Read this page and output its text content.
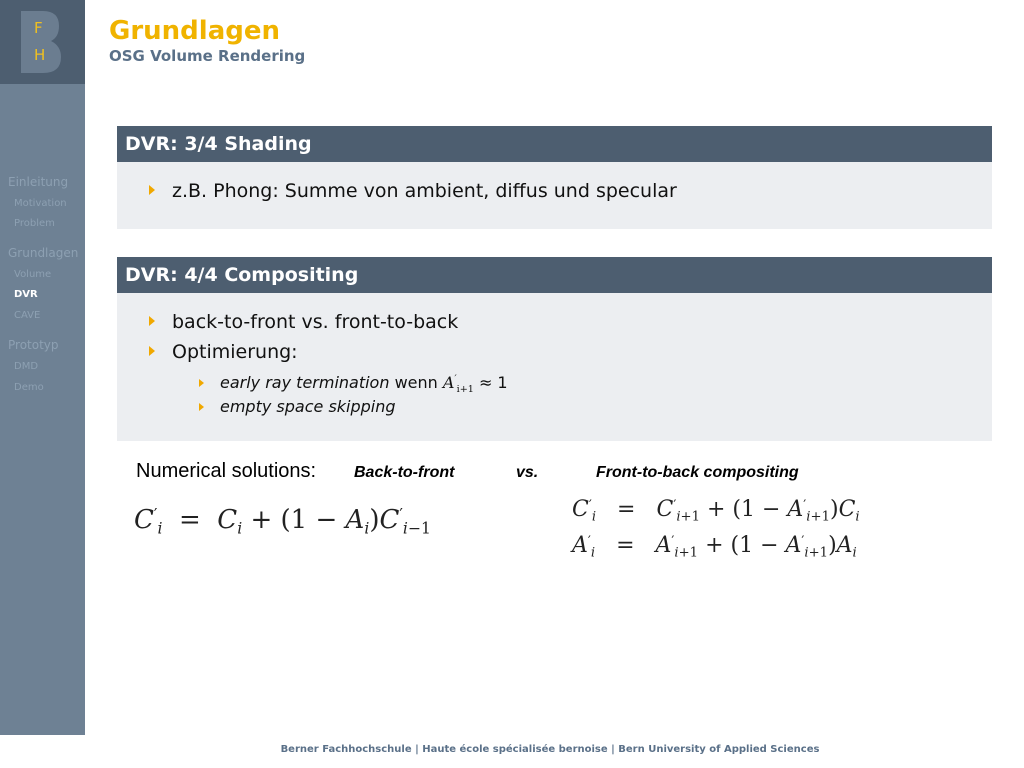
F
H
Einleitung
Motivation
Problem
Grundlagen
Volume
DVR
CAVE
Prototyp
DMD
Demo
Grundlagen
OSG Volume Rendering
DVR: 3/4 Shading
z.B. Phong: Summe von ambient, diffus und specular
DVR: 4/4 Compositing
back-to-front vs. front-to-back
Optimierung:
early ray termination wenn $A'_{i+1} \approx 1$
empty space skipping
Numerical solutions: Back-to-front	vs.	Front-to-back compositing
$C'_i = C_i + (1 - A_i)C'_{i-1}$
$C'_i = C'_{i+1} + (1 - A'_{i+1})C_i$
$A'_i = A'_{i+1} + (1 - A'_{i+1})A_i$
Berner Fachhochschule | Haute école spécialisée bernoise | Bern University of Applied Sciences
